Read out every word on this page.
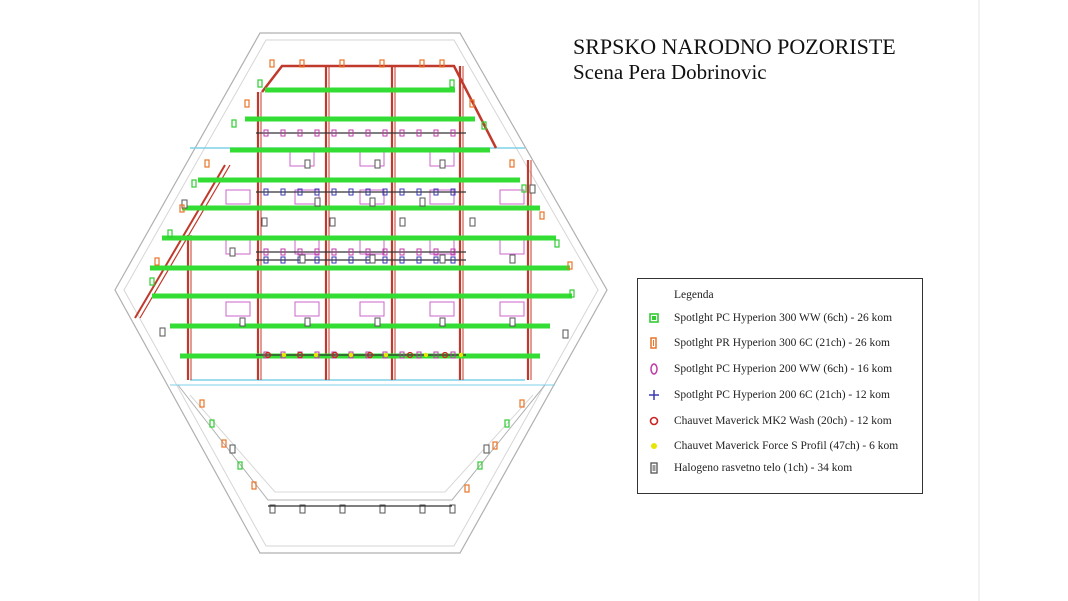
SRPSKO NARODNO POZORISTE
Scena Pera Dobrinovic
Legenda
Spotlght PC Hyperion 300 WW (6ch) - 26 kom
Spotlght PR Hyperion 300 6C (21ch) - 26 kom
Spotlght PC Hyperion 200 WW (6ch) - 16 kom
Spotlght PC Hyperion 200 6C (21ch) - 12 kom
Chauvet Maverick MK2 Wash (20ch) - 12 kom
Chauvet Maverick Force S Profil (47ch) - 6 kom
Halogeno rasvetno telo (1ch) - 34 kom
